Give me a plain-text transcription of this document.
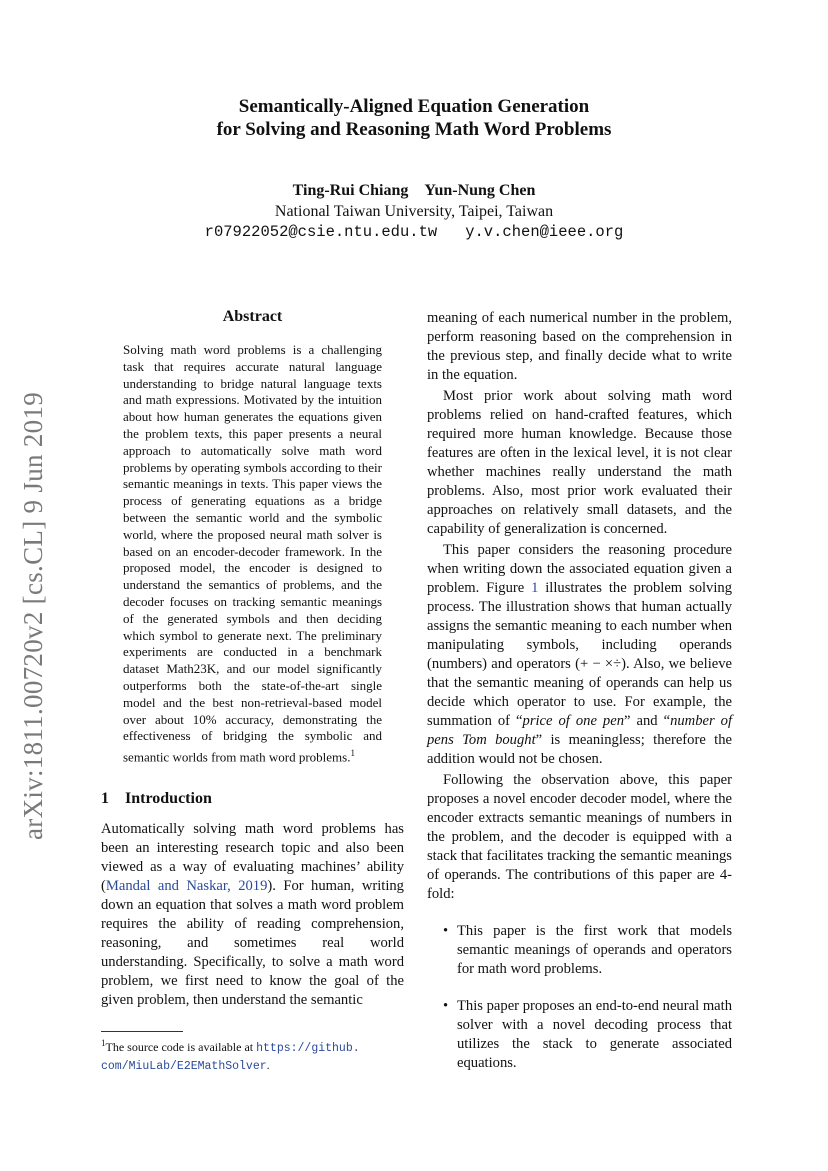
Semantically-Aligned Equation Generation
for Solving and Reasoning Math Word Problems
Ting-Rui Chiang Yun-Nung Chen
National Taiwan University, Taipei, Taiwan
r07922052@csie.ntu.edu.tw y.v.chen@ieee.org
arXiv:1811.00720v2 [cs.CL] 9 Jun 2019
Abstract
Solving math word problems is a challenging task that requires accurate natural language understanding to bridge natural language texts and math expressions. Motivated by the intuition about how human generates the equations given the problem texts, this paper presents a neural approach to automatically solve math word problems by operating symbols according to their semantic meanings in texts. This paper views the process of generating equations as a bridge between the semantic world and the symbolic world, where the proposed neural math solver is based on an encoder-decoder framework. In the proposed model, the encoder is designed to understand the semantics of problems, and the decoder focuses on tracking semantic meanings of the generated symbols and then deciding which symbol to generate next. The preliminary experiments are conducted in a benchmark dataset Math23K, and our model significantly outperforms both the state-of-the-art single model and the best non-retrieval-based model over about 10% accuracy, demonstrating the effectiveness of bridging the symbolic and semantic worlds from math word problems.$^1$
1 Introduction

Automatically solving math word problems has been an interesting research topic and also been viewed as a way of evaluating machines’ ability (Mandal and Naskar, 2019). For human, writing down an equation that solves a math word problem requires the ability of reading comprehension, reasoning, and sometimes real world understanding. Specifically, to solve a math word problem, we first need to know the goal of the given problem, then understand the semantic

meaning of each numerical number in the problem, perform reasoning based on the comprehension in the previous step, and finally decide what to write in the equation.

Most prior work about solving math word problems relied on hand-crafted features, which required more human knowledge. Because those features are often in the lexical level, it is not clear whether machines really understand the math problems. Also, most prior work evaluated their approaches on relatively small datasets, and the capability of generalization is concerned.

This paper considers the reasoning procedure when writing down the associated equation given a problem. Figure 1 illustrates the problem solving process. The illustration shows that human actually assigns the semantic meaning to each number when manipulating symbols, including operands (numbers) and operators (+ − ×÷). Also, we believe that the semantic meaning of operands can help us decide which operator to use. For example, the summation of “price of one pen” and “number of pens Tom bought” is meaningless; therefore the addition would not be chosen.

Following the observation above, this paper proposes a novel encoder decoder model, where the encoder extracts semantic meanings of numbers in the problem, and the decoder is equipped with a stack that facilitates tracking the semantic meanings of operands. The contributions of this paper are 4-fold:

• This paper is the first work that models semantic meanings of operands and operators for math word problems.
• This paper proposes an end-to-end neural math solver with a novel decoding process that utilizes the stack to generate associated equations.
$^1$The source code is available at https://github.
com/MiuLab/E2EMathSolver.
